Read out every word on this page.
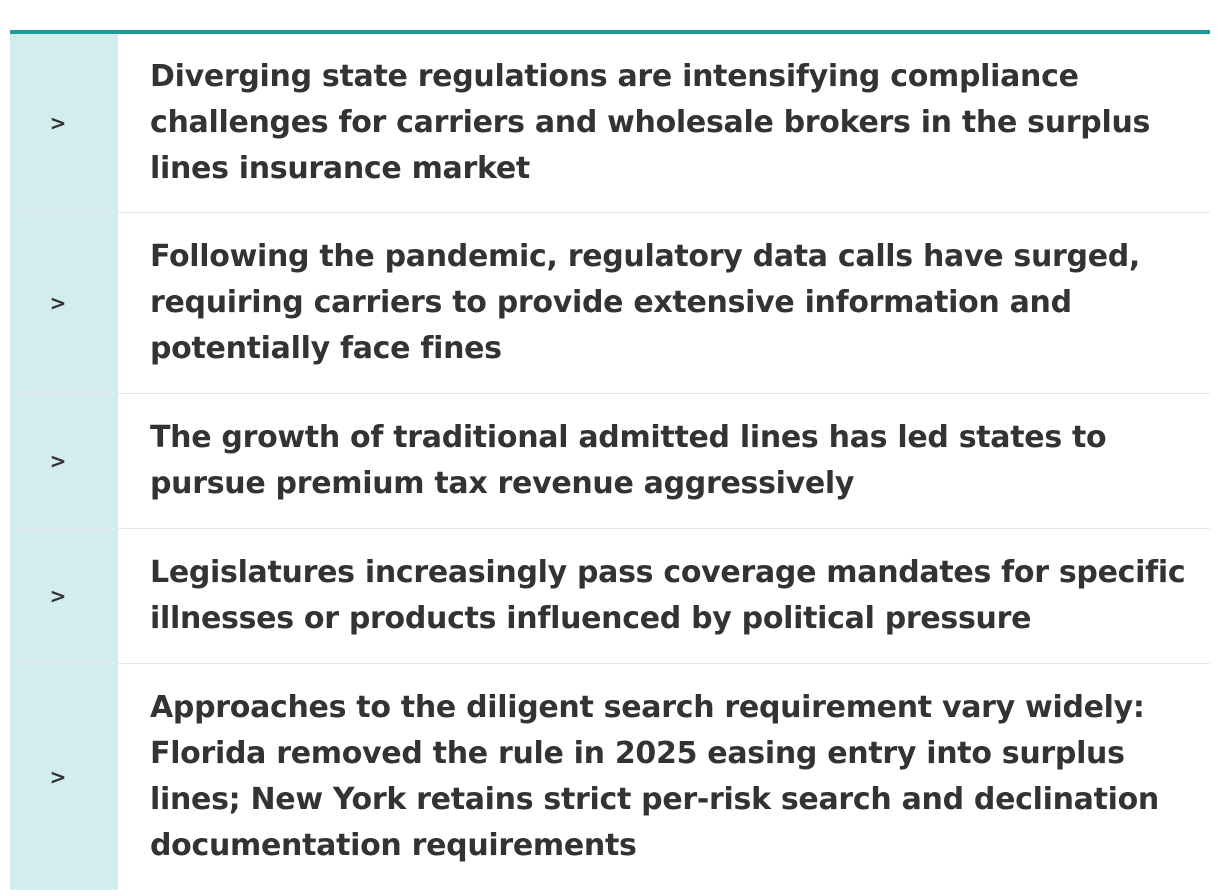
>
Diverging state regulations are intensifying compliance challenges for carriers and wholesale brokers in the surplus lines insurance market
>
Following the pandemic, regulatory data calls have surged, requiring carriers to provide extensive information and potentially face fines
>
The growth of traditional admitted lines has led states to pursue premium tax revenue aggressively
>
Legislatures increasingly pass coverage mandates for specific illnesses or products influenced by political pressure
>
Approaches to the diligent search requirement vary widely: Florida removed the rule in 2025 easing entry into surplus lines; New York retains strict per-risk search and declination documentation requirements
